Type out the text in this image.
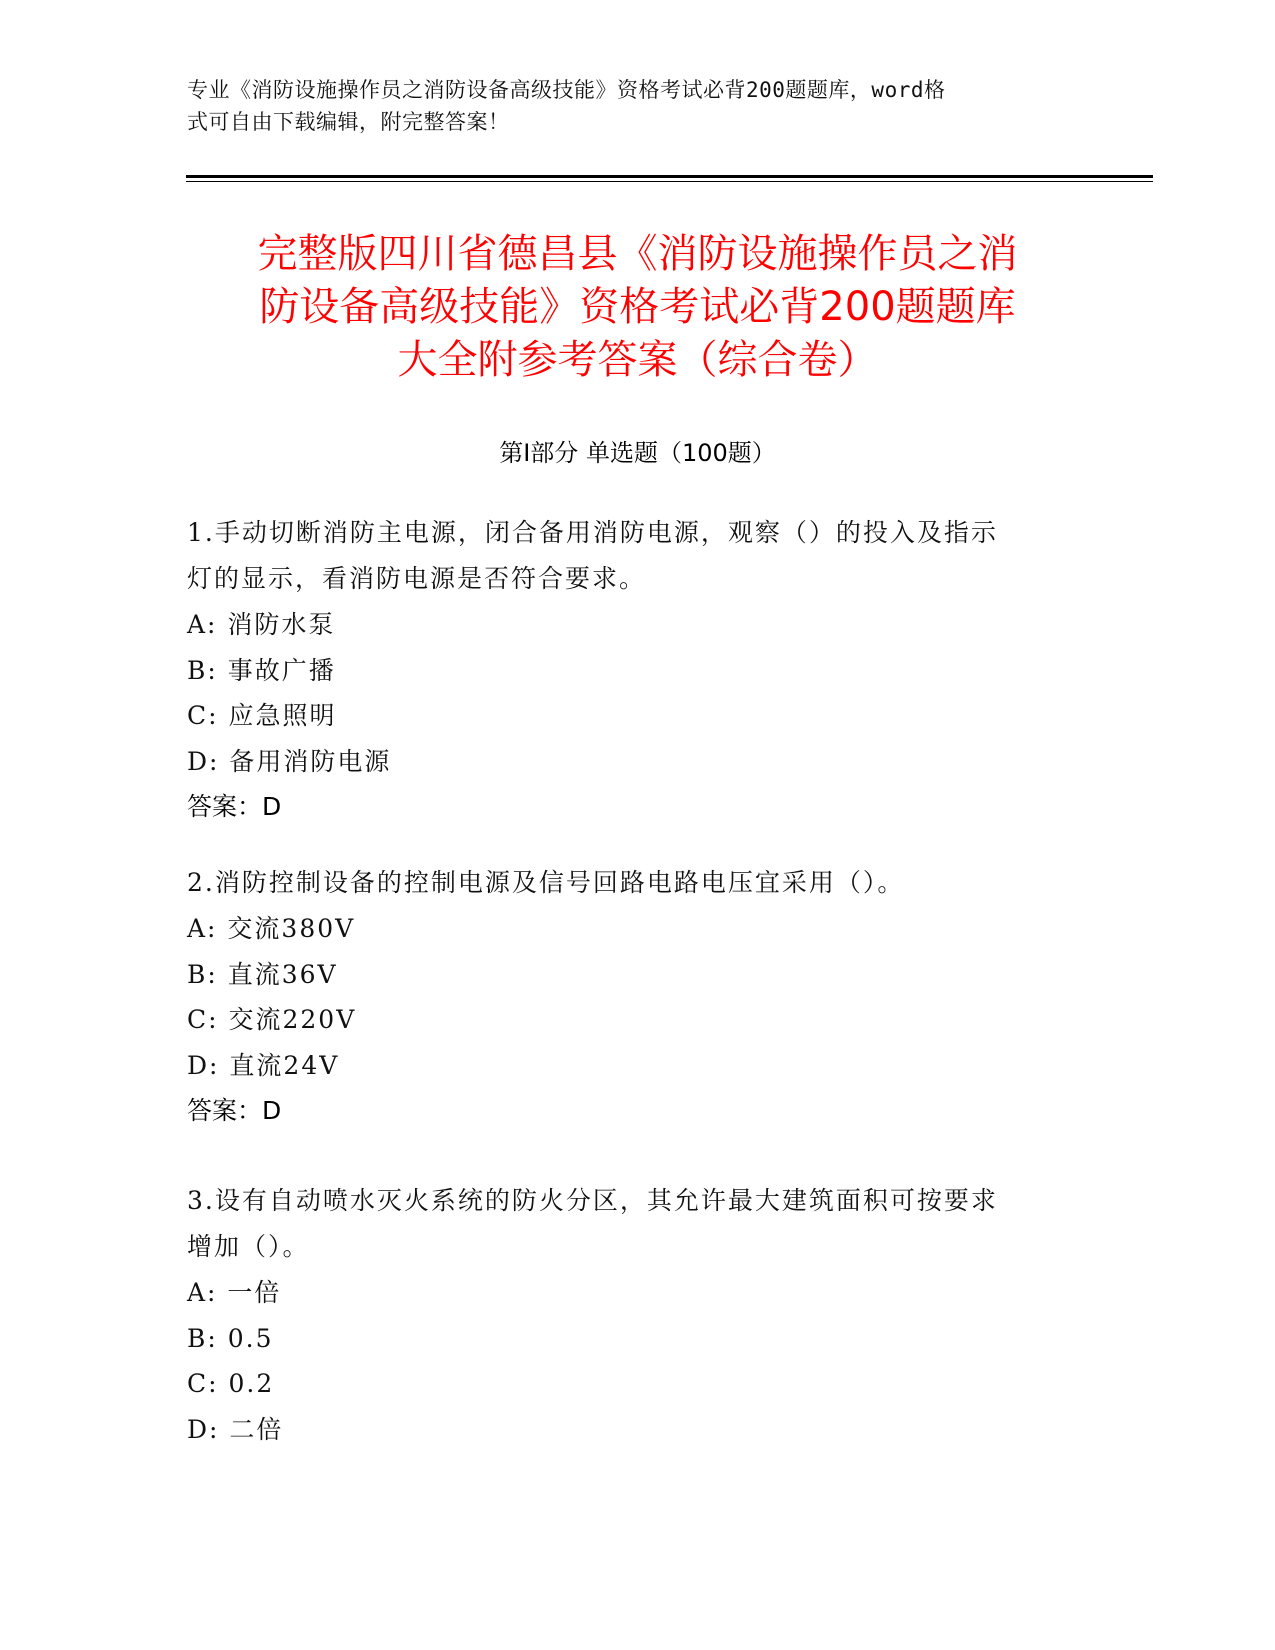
专业《消防设施操作员之消防设备高级技能》资格考试必背200题题库，word格
式可自由下载编辑，附完整答案！
完整版四川省德昌县《消防设施操作员之消
防设备高级技能》资格考试必背200题题库
大全附参考答案（综合卷）
第I部分 单选题（100题）
1.手动切断消防主电源，闭合备用消防电源，观察（）的投入及指示
灯的显示，看消防电源是否符合要求。
A: 消防水泵
B: 事故广播
C: 应急照明
D: 备用消防电源
答案：D
2.消防控制设备的控制电源及信号回路电路电压宜采用（）。
A: 交流380V
B: 直流36V
C: 交流220V
D: 直流24V
答案：D
3.设有自动喷水灭火系统的防火分区，其允许最大建筑面积可按要求
增加（）。
A: 一倍
B: 0.5
C: 0.2
D: 二倍
